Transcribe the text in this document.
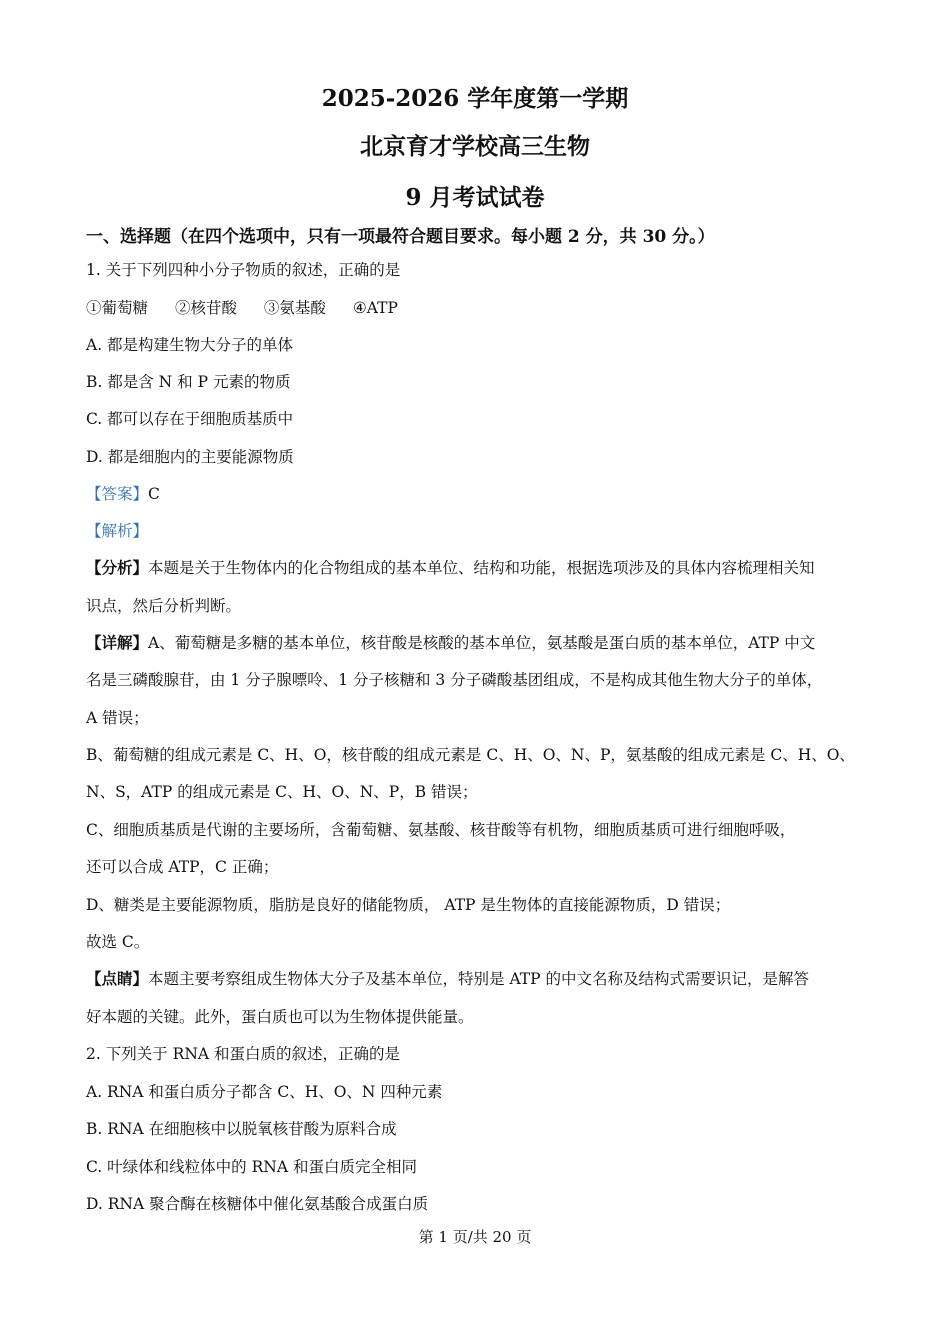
2025-2026 学年度第一学期
北京育才学校高三生物
9 月考试试卷
一、选择题（在四个选项中，只有一项最符合题目要求。每小题 2 分，共 30 分。）
1. 关于下列四种小分子物质的叙述，正确的是
①葡萄糖 ②核苷酸 ③氨基酸 ④ATP
A. 都是构建生物大分子的单体
B. 都是含 N 和 P 元素的物质
C. 都可以存在于细胞质基质中
D. 都是细胞内的主要能源物质
【答案】C
【解析】
【分析】本题是关于生物体内的化合物组成的基本单位、结构和功能，根据选项涉及的具体内容梳理相关知
识点，然后分析判断。
【详解】A、葡萄糖是多糖的基本单位，核苷酸是核酸的基本单位，氨基酸是蛋白质的基本单位，ATP 中文
名是三磷酸腺苷，由 1 分子腺嘌呤、1 分子核糖和 3 分子磷酸基团组成，不是构成其他生物大分子的单体，
A 错误；
B、葡萄糖的组成元素是 C、H、O，核苷酸的组成元素是 C、H、O、N、P，氨基酸的组成元素是 C、H、O、
N、S，ATP 的组成元素是 C、H、O、N、P，B 错误；
C、细胞质基质是代谢的主要场所，含葡萄糖、氨基酸、核苷酸等有机物，细胞质基质可进行细胞呼吸，
还可以合成 ATP，C 正确；
D、糖类是主要能源物质，脂肪是良好的储能物质， ATP 是生物体的直接能源物质，D 错误；
故选 C。
【点睛】本题主要考察组成生物体大分子及基本单位，特别是 ATP 的中文名称及结构式需要识记，是解答
好本题的关键。此外，蛋白质也可以为生物体提供能量。
2. 下列关于 RNA 和蛋白质的叙述，正确的是
A. RNA 和蛋白质分子都含 C、H、O、N 四种元素
B. RNA 在细胞核中以脱氧核苷酸为原料合成
C. 叶绿体和线粒体中的 RNA 和蛋白质完全相同
D. RNA 聚合酶在核糖体中催化氨基酸合成蛋白质
第 1 页/共 20 页
